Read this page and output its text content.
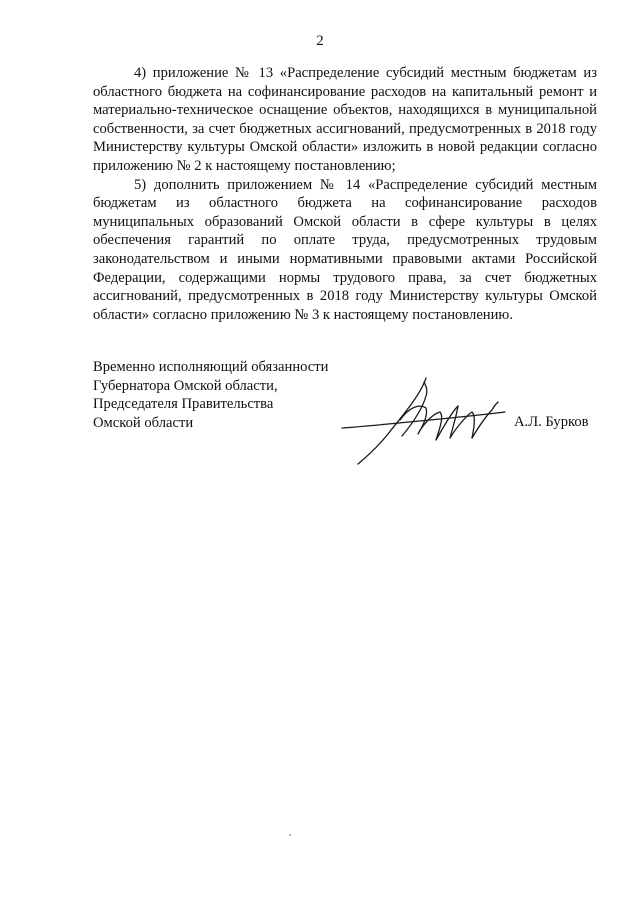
2

4) приложение № 13 «Распределение субсидий местным бюджетам из областного бюджета на софинансирование расходов на капитальный ремонт и материально-техническое оснащение объектов, находящихся в муниципальной собственности, за счет бюджетных ассигнований, предусмотренных в 2018 году Министерству культуры Омской области» изложить в новой редакции согласно приложению № 2 к настоящему постановлению;

5) дополнить приложением № 14 «Распределение субсидий местным бюджетам из областного бюджета на софинансирование расходов муниципальных образований Омской области в сфере культуры в целях обеспечения гарантий по оплате труда, предусмотренных трудовым законодательством и иными нормативными правовыми актами Российской Федерации, содержащими нормы трудового права, за счет бюджетных ассигнований, предусмотренных в 2018 году Министерству культуры Омской области» согласно приложению № 3 к настоящему постановлению.

Временно исполняющий обязанности
Губернатора Омской области,
Председателя Правительства
Омской области	А.Л. Бурков
